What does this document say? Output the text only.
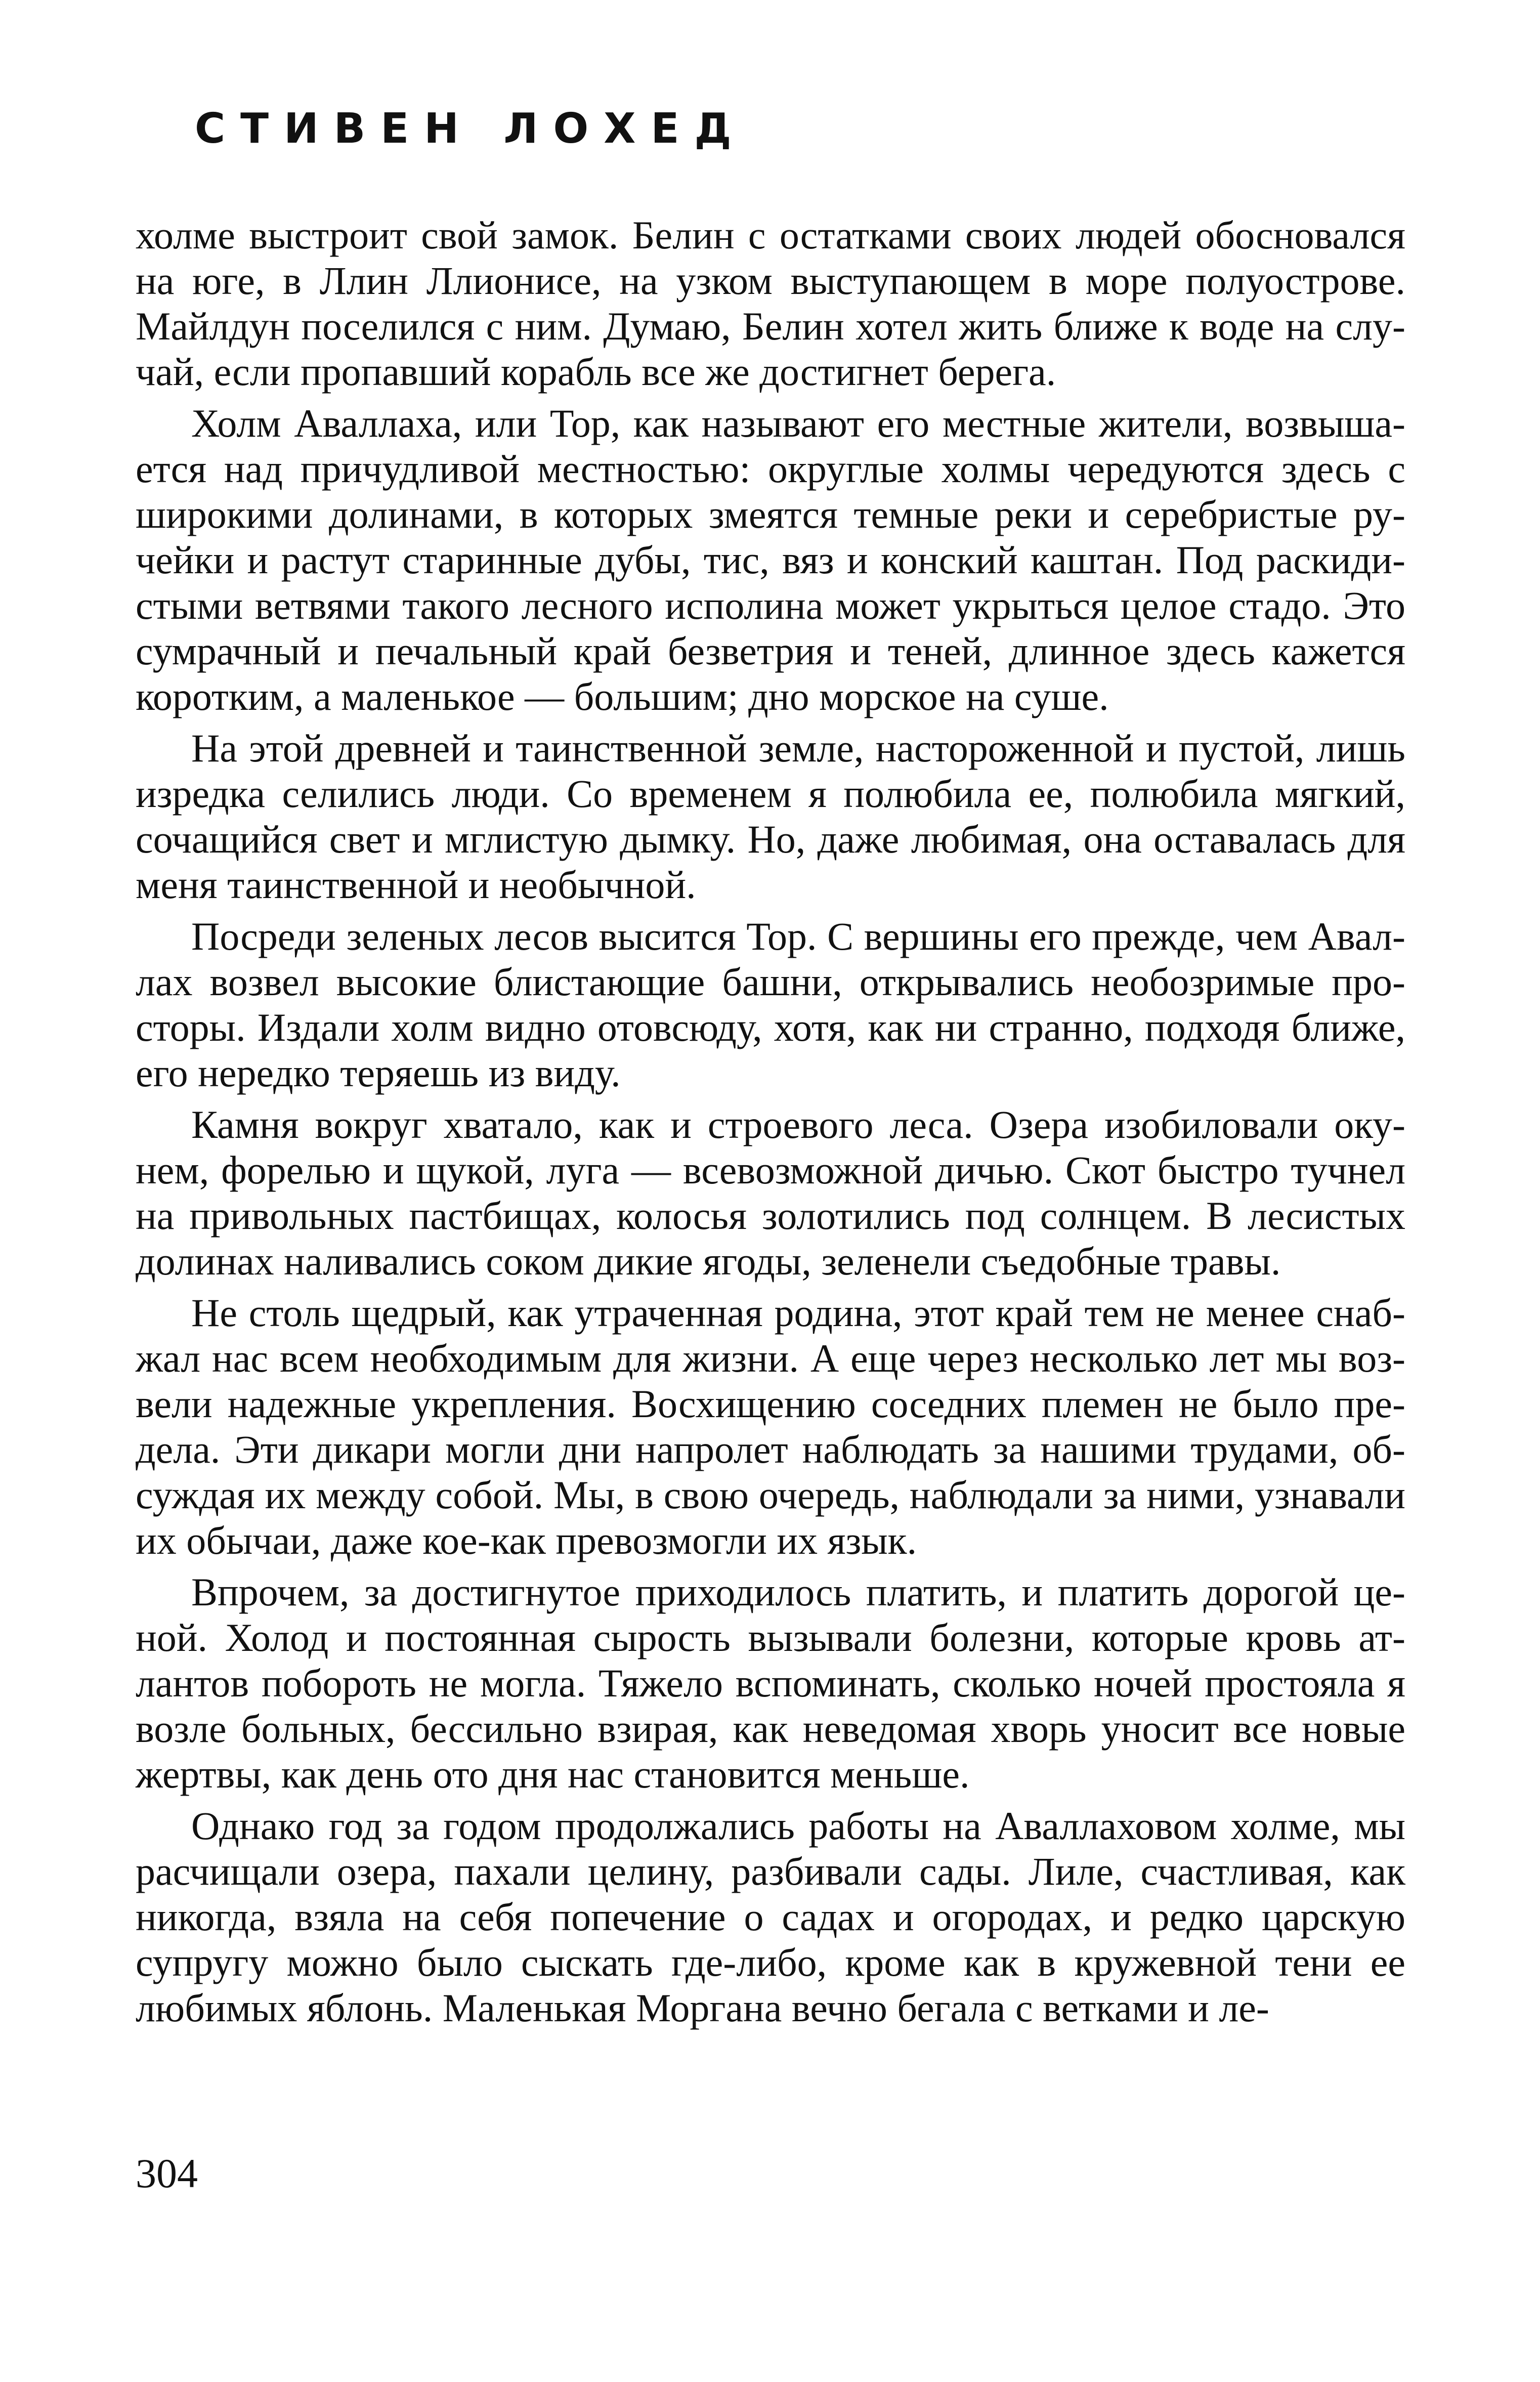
СТИВЕН ЛОХЕД

холме выстроит свой замок. Белин с остатками своих людей обосновался на юге, в Ллин Ллионисе, на узком выступающем в море полуострове. Майлдун поселился с ним. Думаю, Белин хотел жить ближе к воде на случай, если пропавший корабль все же достигнет берега.

Холм Аваллаха, или Тор, как называют его местные жители, возвышается над причудливой местностью: округлые холмы чередуются здесь с широкими долинами, в которых змеятся темные реки и серебристые ручейки и растут старинные дубы, тис, вяз и конский каштан. Под раскидистыми ветвями такого лесного исполина может укрыться целое стадо. Это сумрачный и печальный край безветрия и теней, длинное здесь кажется коротким, а маленькое — большим; дно морское на суше.

На этой древней и таинственной земле, настороженной и пустой, лишь изредка селились люди. Со временем я полюбила ее, полюбила мягкий, сочащийся свет и мглистую дымку. Но, даже любимая, она оставалась для меня таинственной и необычной.

Посреди зеленых лесов высится Тор. С вершины его прежде, чем Аваллах возвел высокие блистающие башни, открывались необозримые просторы. Издали холм видно отовсюду, хотя, как ни странно, подходя ближе, его нередко теряешь из виду.

Камня вокруг хватало, как и строевого леса. Озера изобиловали окунем, форелью и щукой, луга — всевозможной дичью. Скот быстро тучнел на привольных пастбищах, колосья золотились под солнцем. В лесистых долинах наливались соком дикие ягоды, зеленели съедобные травы.

Не столь щедрый, как утраченная родина, этот край тем не менее снабжал нас всем необходимым для жизни. А еще через несколько лет мы возвели надежные укрепления. Восхищению соседних племен не было предела. Эти дикари могли дни напролет наблюдать за нашими трудами, обсуждая их между собой. Мы, в свою очередь, наблюдали за ними, узнавали их обычаи, даже кое-как превозмогли их язык.

Впрочем, за достигнутое приходилось платить, и платить дорогой ценой. Холод и постоянная сырость вызывали болезни, которые кровь атлантов побороть не могла. Тяжело вспоминать, сколько ночей простояла я возле больных, бессильно взирая, как неведомая хворь уносит все новые жертвы, как день ото дня нас становится меньше.

Однако год за годом продолжались работы на Аваллаховом холме, мы расчищали озера, пахали целину, разбивали сады. Лиле, счастливая, как никогда, взяла на себя попечение о садах и огородах, и редко царскую супругу можно было сыскать где-либо, кроме как в кружевной тени ее любимых яблонь. Маленькая Моргана вечно бегала с ветками и ле-

304
